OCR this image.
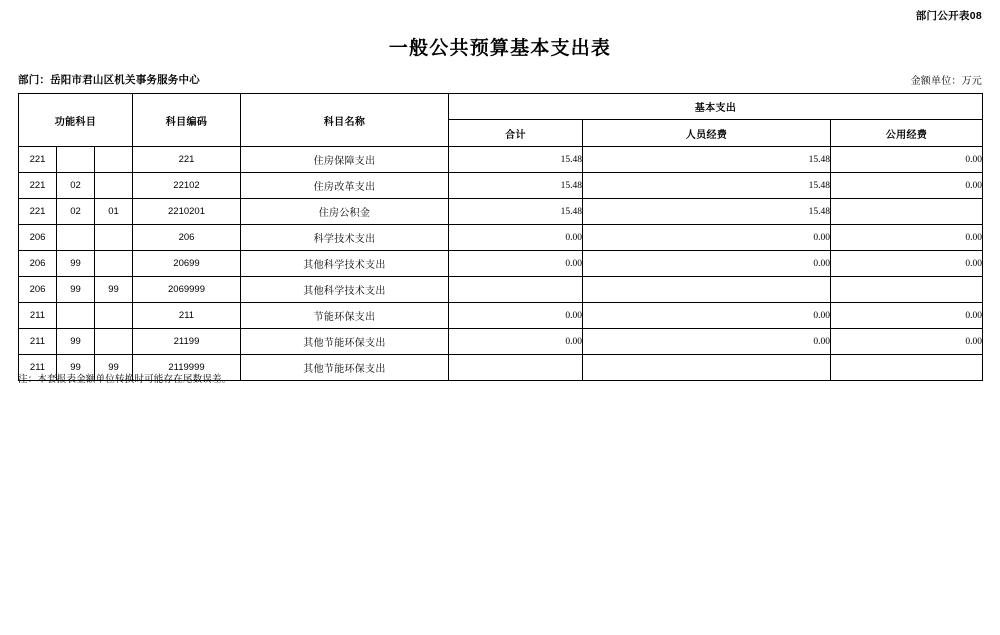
部门公开表08
一般公共预算基本支出表
部门：岳阳市君山区机关事务服务中心	金额单位：万元
功能科目			科目编码	科目名称	基本支出		
					合计	人员经费	公用经费
221			221	住房保障支出	15.48	15.48	0.00
221	02		22102	住房改革支出	15.48	15.48	0.00
221	02	01	2210201	住房公积金	15.48	15.48	
206			206	科学技术支出	0.00	0.00	0.00
206	99		20699	其他科学技术支出	0.00	0.00	0.00
206	99	99	2069999	其他科学技术支出			
211			211	节能环保支出	0.00	0.00	0.00
211	99		21199	其他节能环保支出	0.00	0.00	0.00
211	99	99	2119999	其他节能环保支出			
注：本套报表金额单位转换时可能存在尾数误差。
